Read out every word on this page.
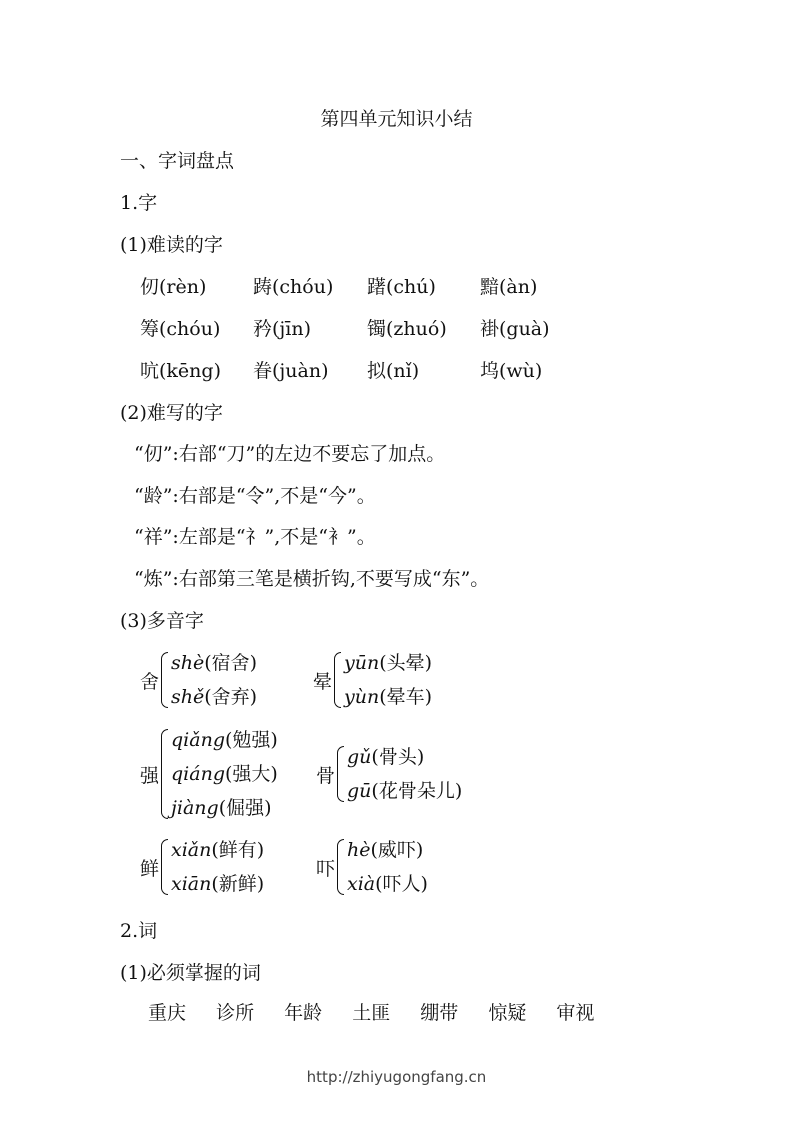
第四单元知识小结
一、字词盘点
1.字
(1)难读的字
仞(rèn) 踌(chóu) 躇(chú) 黯(àn)
筹(chóu) 矜(jīn)	镯(zhuó) 褂(guà)
吭(kēng) 眷(juàn) 拟(nǐ)	坞(wù)
(2)难写的字
“仞”:右部“刀”的左边不要忘了加点。
“龄”:右部是“令”,不是“今”。
“祥”:左部是“礻”,不是“衤”。
“炼”:右部第三笔是横折钩,不要写成“东”。
(3)多音字
舍
shè(宿舍)
shě(舍弃)
晕
yūn(头晕)
yùn(晕车)
强
qiǎng(勉强)
qiáng(强大)
jiàng(倔强)
骨
gǔ(骨头)
gū(花骨朵儿)
鲜
xiǎn(鲜有)
xiān(新鲜)
吓
hè(威吓)
xià(吓人)
2.词
(1)必须掌握的词
重庆 诊所 年龄 土匪 绷带 惊疑 审视
http://zhiyugongfang.cn
